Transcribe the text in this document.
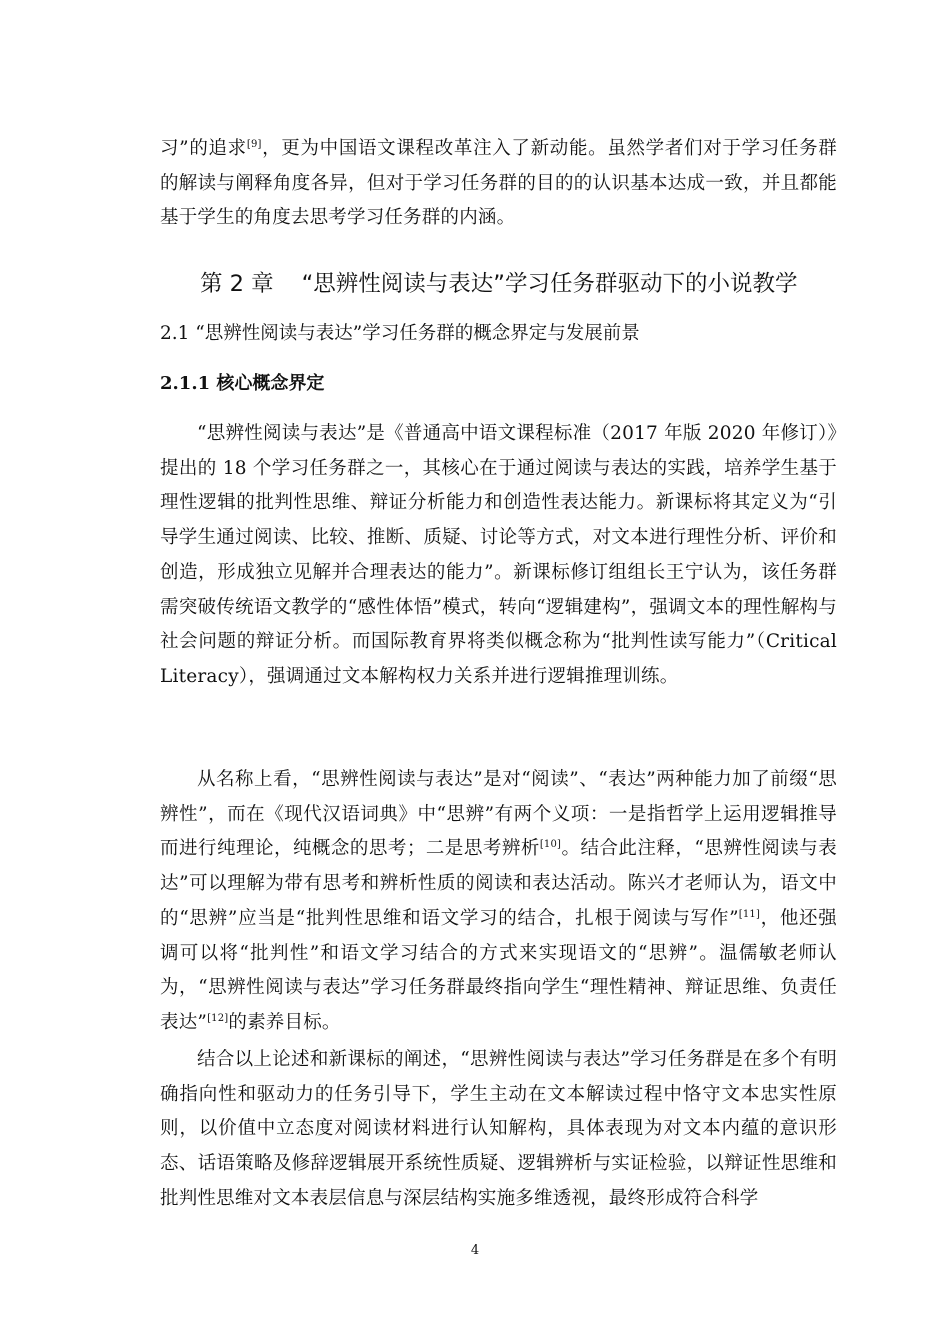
习”的追求[9]，更为中国语文课程改革注入了新动能。虽然学者们对于学习任务群的解读与阐释角度各异，但对于学习任务群的目的的认识基本达成一致，并且都能基于学生的角度去思考学习任务群的内涵。

第 2 章 “思辨性阅读与表达”学习任务群驱动下的小说教学
2.1 “思辨性阅读与表达”学习任务群的概念界定与发展前景
2.1.1 核心概念界定

“思辨性阅读与表达”是《普通高中语文课程标准（2017 年版 2020 年修订）》提出的 18 个学习任务群之一，其核心在于通过阅读与表达的实践，培养学生基于理性逻辑的批判性思维、辩证分析能力和创造性表达能力。新课标将其定义为“引导学生通过阅读、比较、推断、质疑、讨论等方式，对文本进行理性分析、评价和创造，形成独立见解并合理表达的能力”。新课标修订组组长王宁认为，该任务群需突破传统语文教学的“感性体悟”模式，转向“逻辑建构”，强调文本的理性解构与社会问题的辩证分析。而国际教育界将类似概念称为“批判性读写能力”（Critical Literacy），强调通过文本解构权力关系并进行逻辑推理训练。

从名称上看，“思辨性阅读与表达”是对“阅读”、“表达”两种能力加了前缀“思辨性”，而在《现代汉语词典》中“思辨”有两个义项：一是指哲学上运用逻辑推导而进行纯理论，纯概念的思考；二是思考辨析[10]。结合此注释，“思辨性阅读与表达”可以理解为带有思考和辨析性质的阅读和表达活动。陈兴才老师认为，语文中的“思辨”应当是“批判性思维和语文学习的结合，扎根于阅读与写作”[11]，他还强调可以将“批判性”和语文学习结合的方式来实现语文的“思辨”。温儒敏老师认为，“思辨性阅读与表达”学习任务群最终指向学生“理性精神、辩证思维、负责任表达”[12]的素养目标。

结合以上论述和新课标的阐述，“思辨性阅读与表达”学习任务群是在多个有明确指向性和驱动力的任务引导下，学生主动在文本解读过程中恪守文本忠实性原则，以价值中立态度对阅读材料进行认知解构，具体表现为对文本内蕴的意识形态、话语策略及修辞逻辑展开系统性质疑、逻辑辨析与实证检验，以辩证性思维和批判性思维对文本表层信息与深层结构实施多维透视，最终形成符合科学

4
